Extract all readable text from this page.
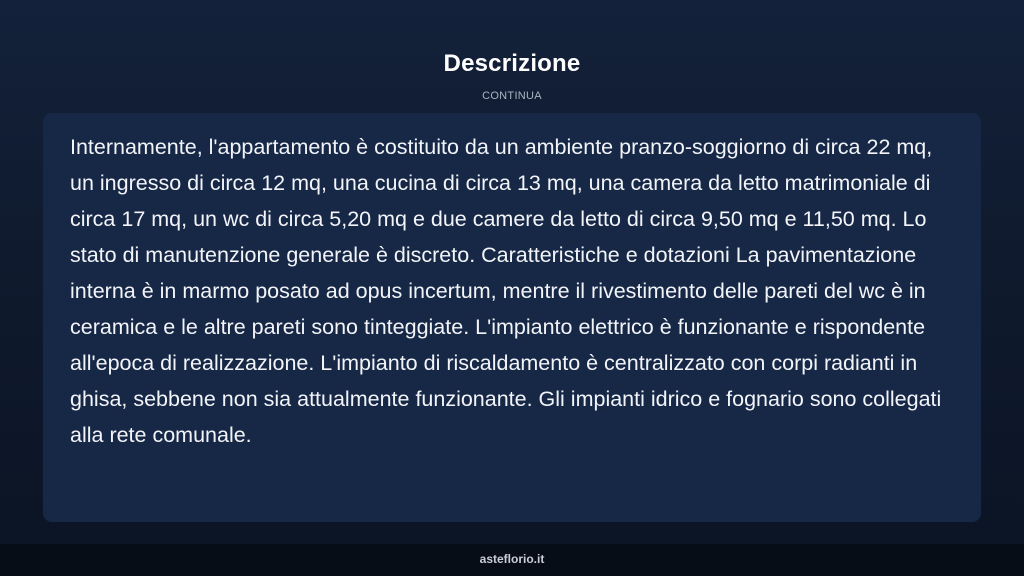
Descrizione
CONTINUA

Internamente, l'appartamento è costituito da un ambiente pranzo-soggiorno di circa 22 mq, un ingresso di circa 12 mq, una cucina di circa 13 mq, una camera da letto matrimoniale di circa 17 mq, un wc di circa 5,20 mq e due camere da letto di circa 9,50 mq e 11,50 mq. Lo stato di manutenzione generale è discreto. Caratteristiche e dotazioni La pavimentazione interna è in marmo posato ad opus incertum, mentre il rivestimento delle pareti del wc è in ceramica e le altre pareti sono tinteggiate. L'impianto elettrico è funzionante e rispondente all'epoca di realizzazione. L'impianto di riscaldamento è centralizzato con corpi radianti in ghisa, sebbene non sia attualmente funzionante. Gli impianti idrico e fognario sono collegati alla rete comunale.

asteflorio.it
